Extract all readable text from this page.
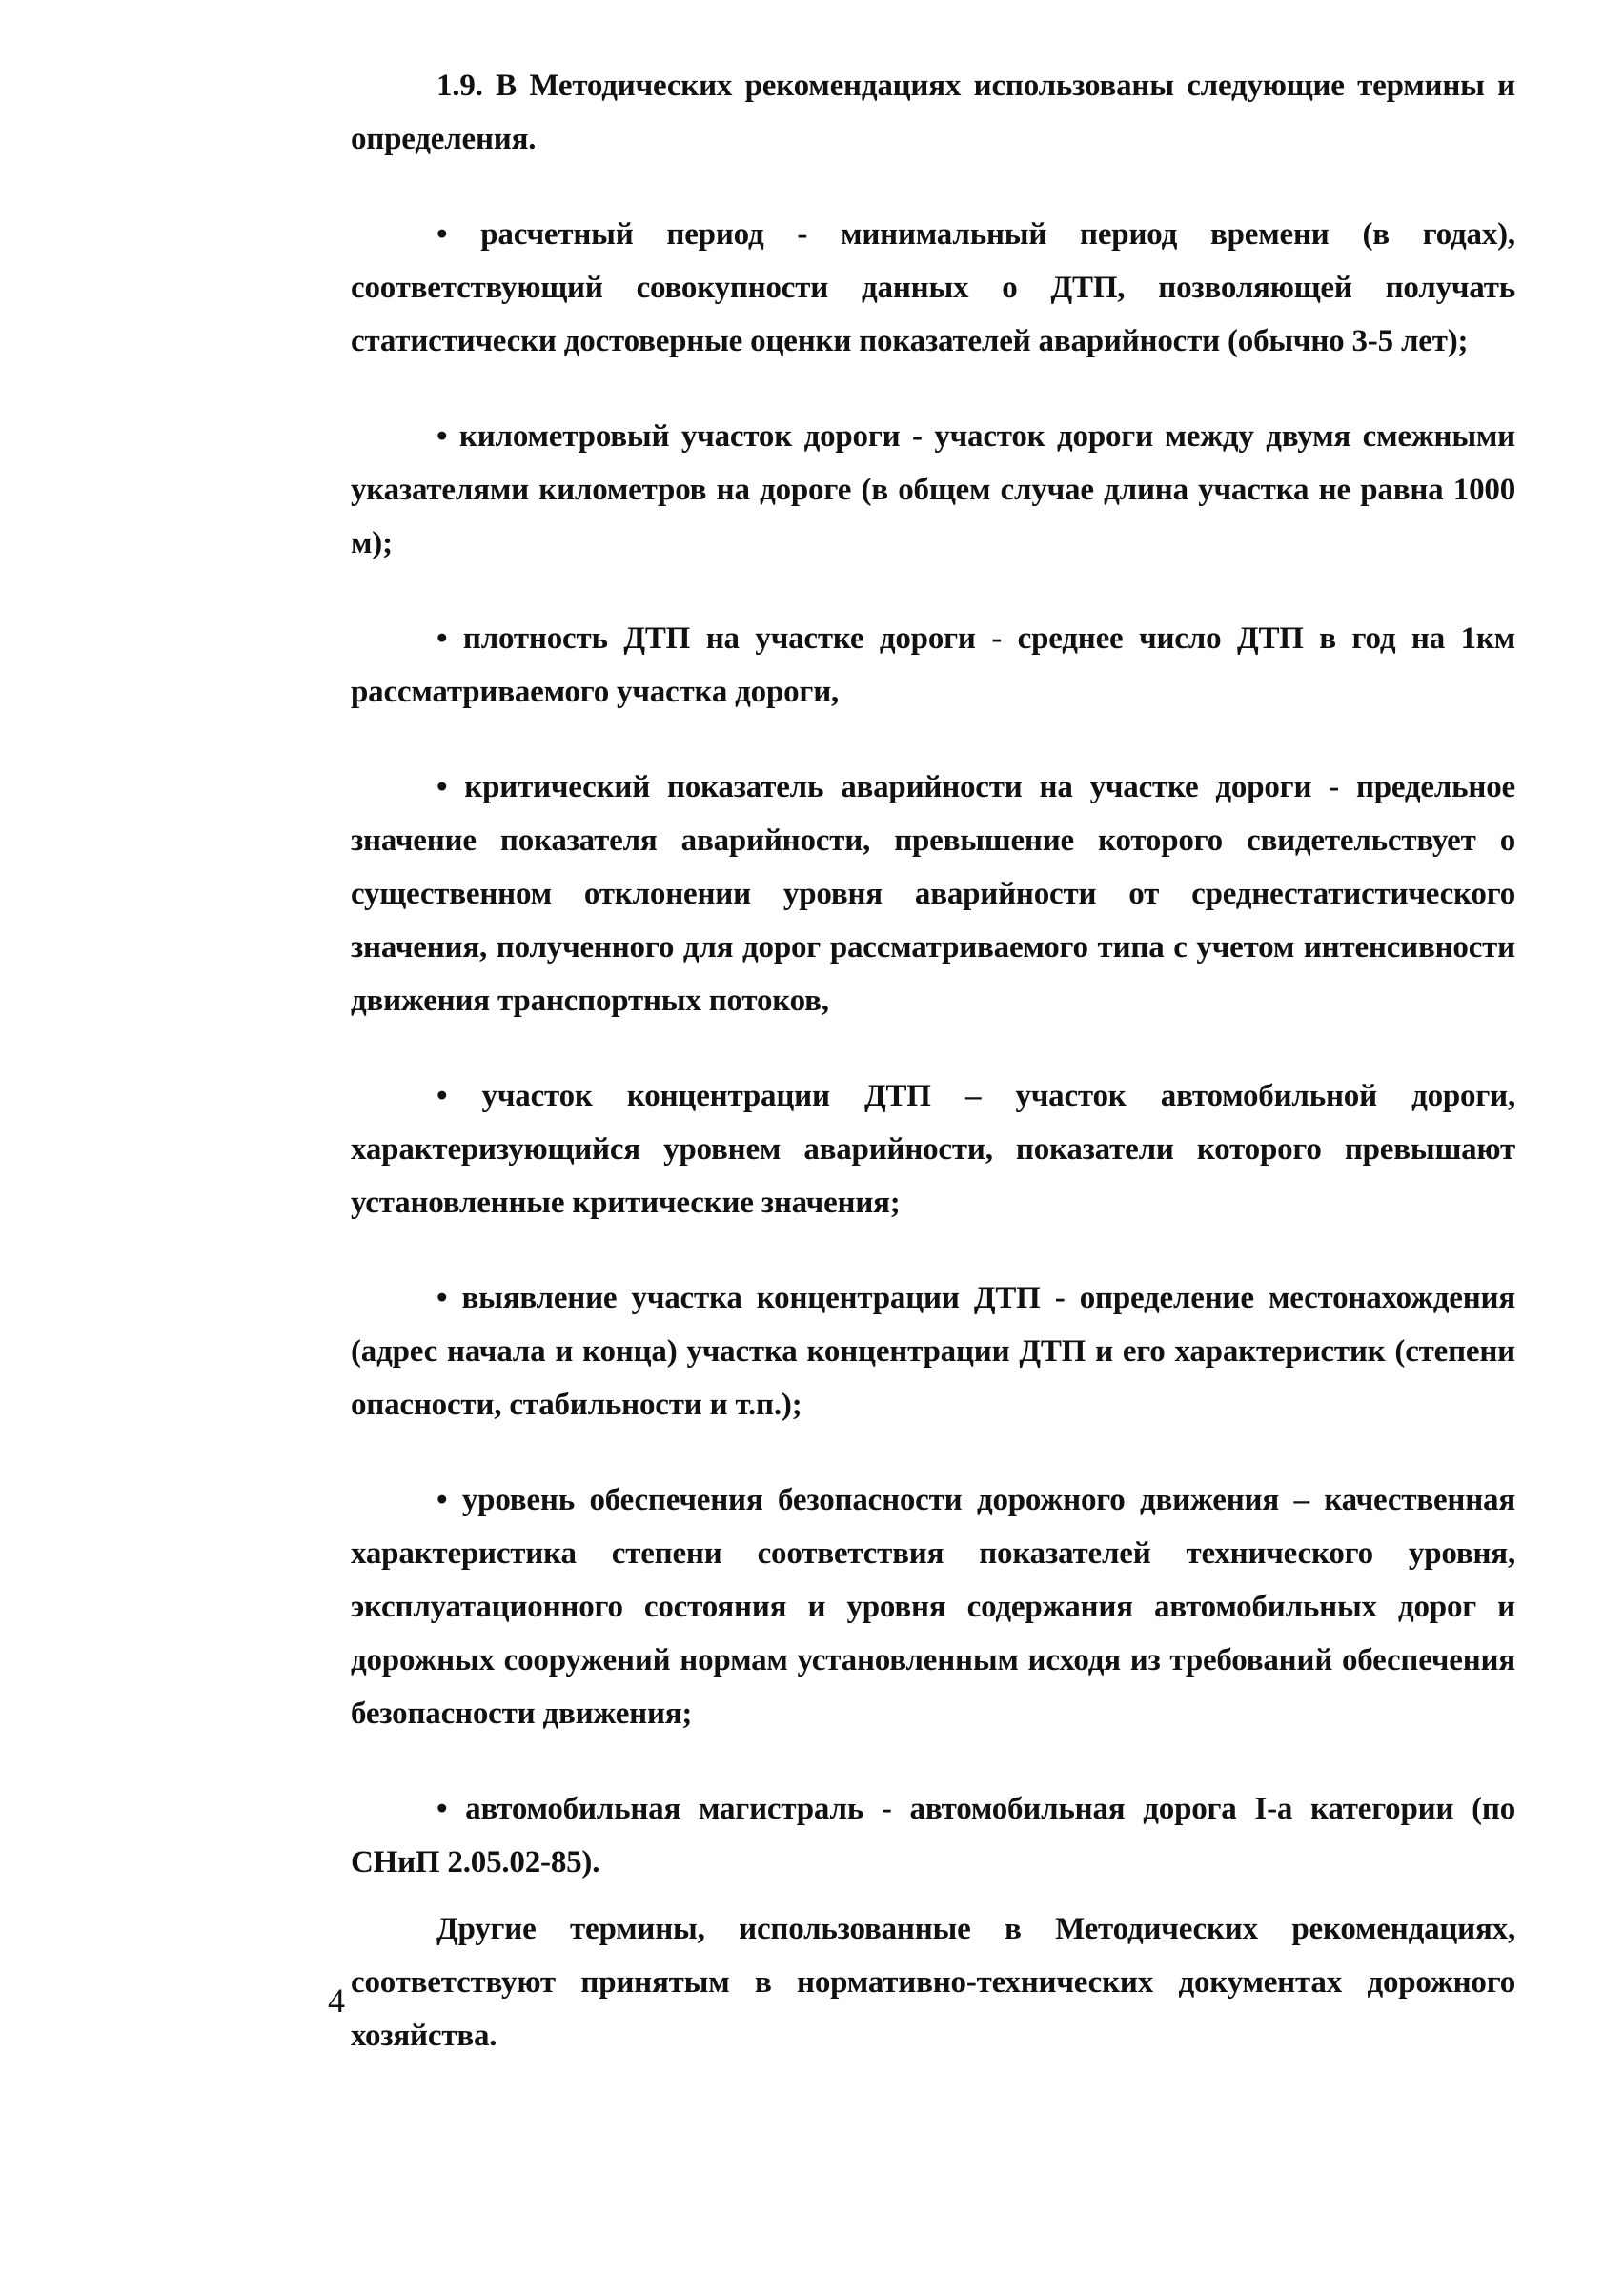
1.9. В Методических рекомендациях использованы следующие термины и определения.

• расчетный период - минимальный период времени (в годах), соответствующий совокупности данных о ДТП, позволяющей получать статистически достоверные оценки показателей аварийности (обычно 3-5 лет);

• километровый участок дороги - участок дороги между двумя смежными указателями километров на дороге (в общем случае длина участка не равна 1000 м);

• плотность ДТП на участке дороги - среднее число ДТП в год на 1км рассматриваемого участка дороги,

• критический показатель аварийности на участке дороги - предельное значение показателя аварийности, превышение которого свидетельствует о существенном отклонении уровня аварийности от среднестатистического значения, полученного для дорог рассматриваемого типа с учетом интенсивности движения транспортных потоков,

• участок концентрации ДТП – участок автомобильной дороги, характеризующийся уровнем аварийности, показатели которого превышают установленные критические значения;

• выявление участка концентрации ДТП - определение местонахождения (адрес начала и конца) участка концентрации ДТП и его характеристик (степени опасности, стабильности и т.п.);

• уровень обеспечения безопасности дорожного движения – качественная характеристика степени соответствия показателей технического уровня, эксплуатационного состояния и уровня содержания автомобильных дорог и дорожных сооружений нормам установленным исходя из требований обеспечения безопасности движения;

• автомобильная магистраль - автомобильная дорога I-а категории (по СНиП 2.05.02-85).

Другие термины, использованные в Методических рекомендациях, соответствуют принятым в нормативно-технических документах дорожного хозяйства.

4
